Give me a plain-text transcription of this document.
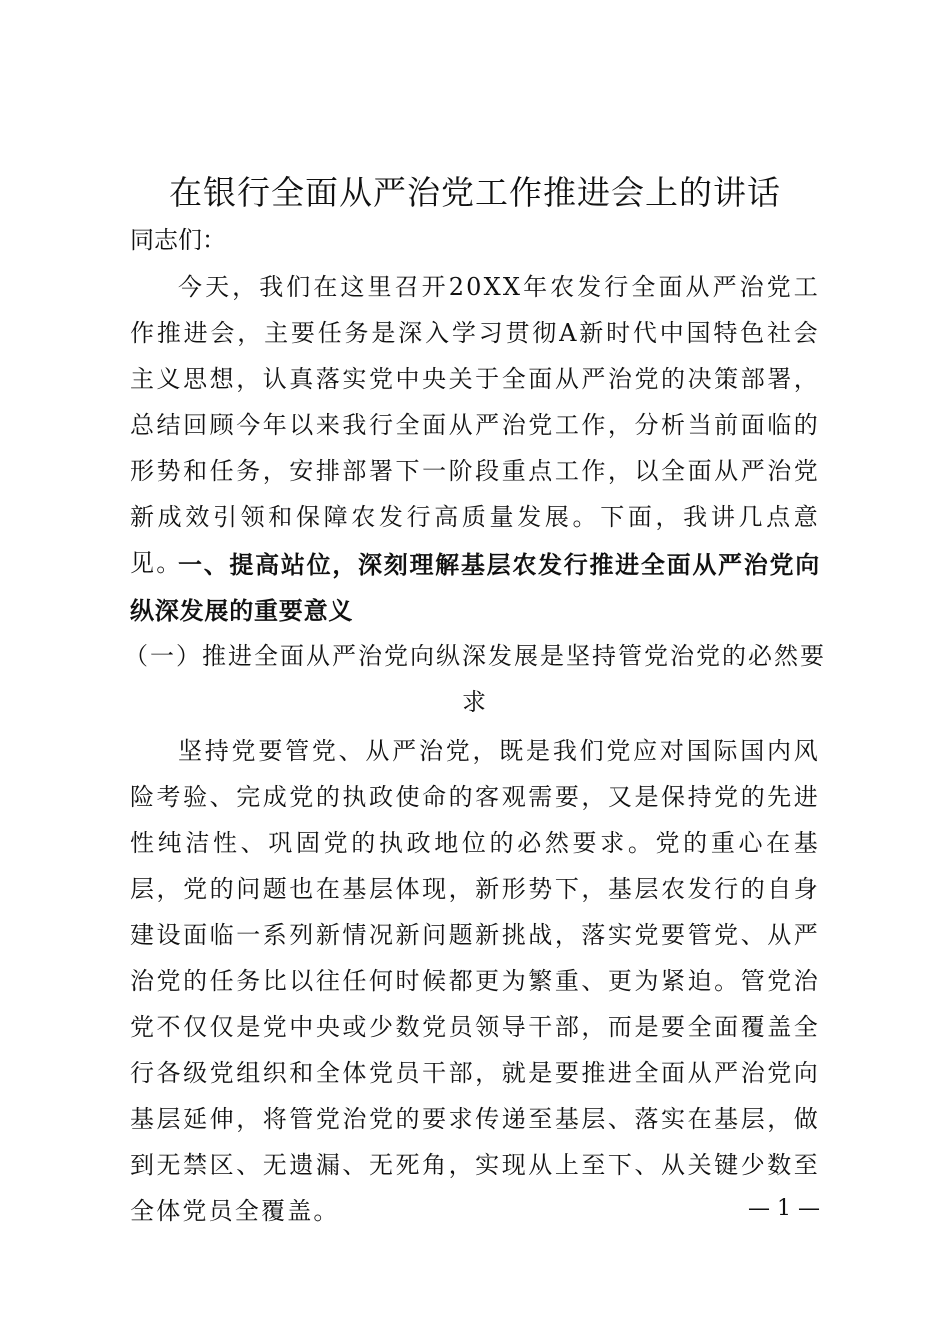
在银行全面从严治党工作推进会上的讲话
同志们：
今天，我们在这里召开20XX年农发行全面从严治党工作推进会，主要任务是深入学习贯彻A新时代中国特色社会主义思想，认真落实党中央关于全面从严治党的决策部署，总结回顾今年以来我行全面从严治党工作，分析当前面临的形势和任务，安排部署下一阶段重点工作，以全面从严治党新成效引领和保障农发行高质量发展。下面，我讲几点意见。
一、提高站位，深刻理解基层农发行推进全面从严治党向纵深发展的重要意义
（一）推进全面从严治党向纵深发展是坚持管党治党的必然要求
坚持党要管党、从严治党，既是我们党应对国际国内风险考验、完成党的执政使命的客观需要，又是保持党的先进性纯洁性、巩固党的执政地位的必然要求。党的重心在基层，党的问题也在基层体现，新形势下，基层农发行的自身建设面临一系列新情况新问题新挑战，落实党要管党、从严治党的任务比以往任何时候都更为繁重、更为紧迫。管党治党不仅仅是党中央或少数党员领导干部，而是要全面覆盖全行各级党组织和全体党员干部，就是要推进全面从严治党向基层延伸，将管党治党的要求传递至基层、落实在基层，做到无禁区、无遗漏、无死角，实现从上至下、从关键少数至全体党员全覆盖。	— 1 —
